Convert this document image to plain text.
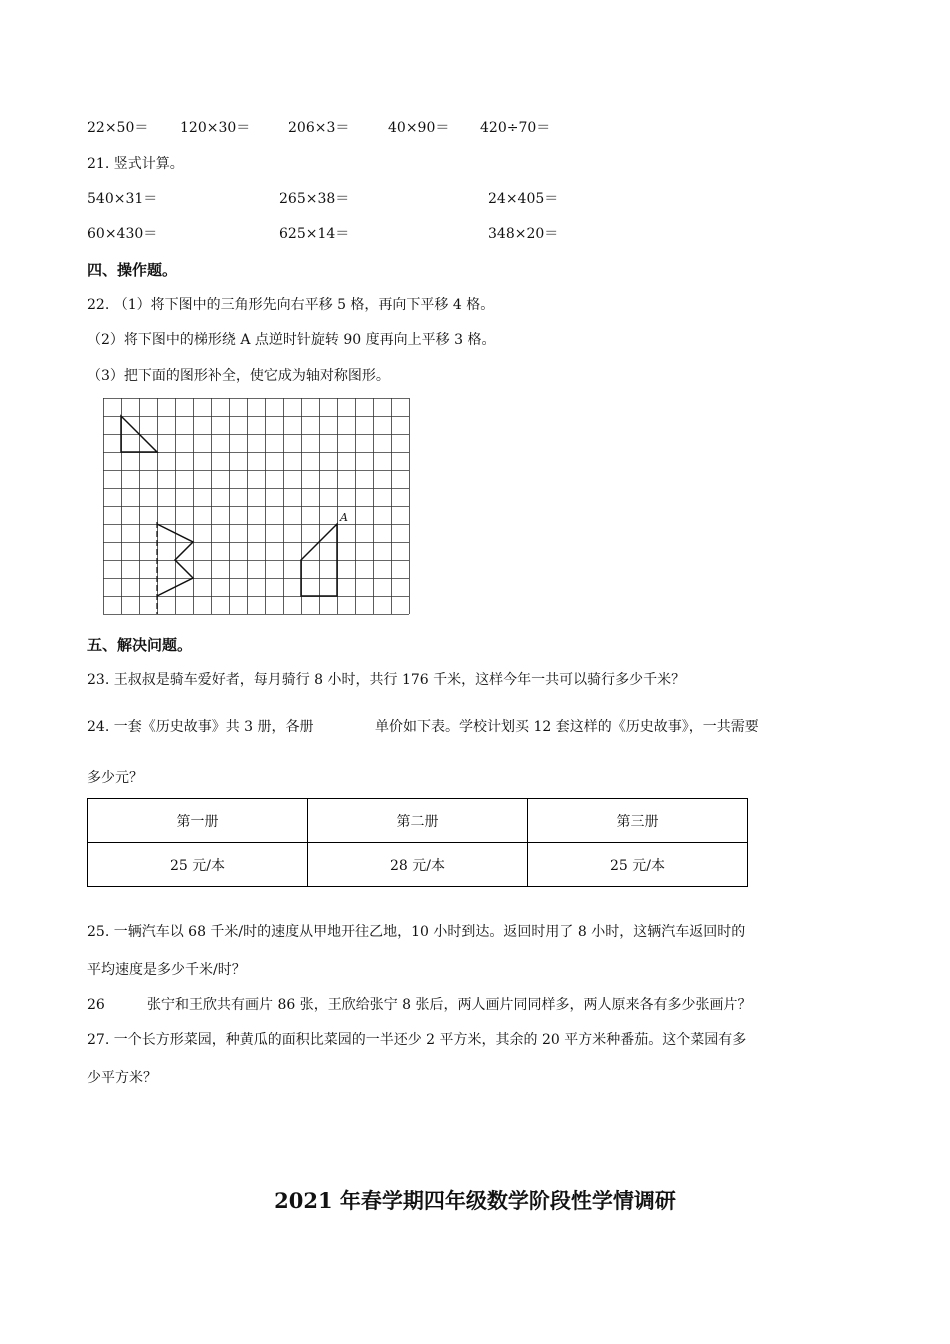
22×50＝ 120×30＝	206×3＝	40×90＝ 420÷70＝
21. 竖式计算。
540×31＝	265×38＝	24×405＝
60×430＝	625×14＝	348×20＝
四、操作题。
22. （1）将下图中的三角形先向右平移 5 格，再向下平移 4 格。
（2）将下图中的梯形绕 A 点逆时针旋转 90 度再向上平移 3 格。
（3）把下面的图形补全，使它成为轴对称图形。
A
五、解决问题。
23. 王叔叔是骑车爱好者，每月骑行 8 小时，共行 176 千米，这样今年一共可以骑行多少千米？
24. 一套《历史故事》共 3 册，各册	单价如下表。学校计划买 12 套这样的《历史故事》，一共需要
多少元？
第一册	第二册	第三册
25 元/本	28 元/本	25 元/本
25. 一辆汽车以 68 千米/时的速度从甲地开往乙地，10 小时到达。返回时用了 8 小时，这辆汽车返回时的
平均速度是多少千米/时？
26	张宁和王欣共有画片 86 张，王欣给张宁 8 张后，两人画片同同样多，两人原来各有多少张画片？
27. 一个长方形菜园，种黄瓜的面积比菜园的一半还少 2 平方米，其余的 20 平方米种番茄。这个菜园有多
少平方米？
2021 年春学期四年级数学阶段性学情调研
